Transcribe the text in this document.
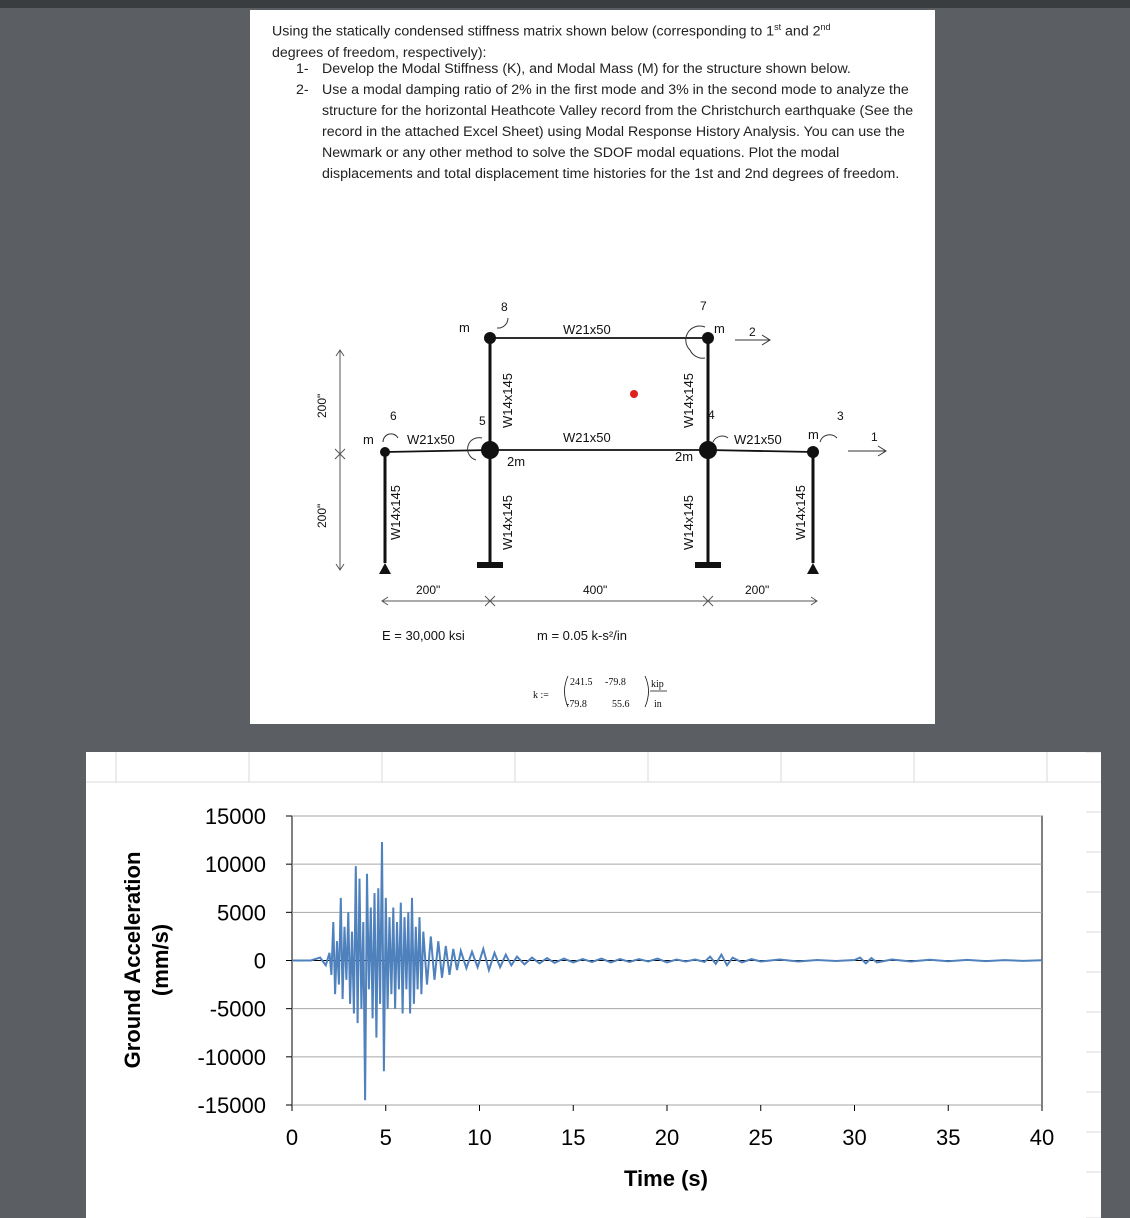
Using the statically condensed stiffness matrix shown below (corresponding to 1st and 2nd
degrees of freedom, respectively):
1- Develop the Modal Stiffness (K), and Modal Mass (M) for the structure shown below.
2- Use a modal damping ratio of 2% in the first mode and 3% in the second mode to analyze the structure for the horizontal Heathcote Valley record from the Christchurch earthquake (See the record in the attached Excel Sheet) using Modal Response History Analysis. You can use the Newmark or any other method to solve the SDOF modal equations. Plot the modal displacements and total displacement time histories for the 1st and 2nd degrees of freedom.
1
2
3
4
5
6
7
8
m	m
m	m
2m	2m
W21x50
W21x50
W21x50	W21x50
W14x145
W14x145
W14x145
W14x145
W14x145	W14x145
200"
200"
200"	400"	200"
E = 30,000 ksi	m = 0.05 k-s²/in
k :=
241.5 -79.8
-79.8	55.6
kip
in
0	5	10	15	20	25	30	35	40
15000
10000
5000
0
-5000
-10000
-15000
Time (s)
Ground Acceleration (mm/s)
